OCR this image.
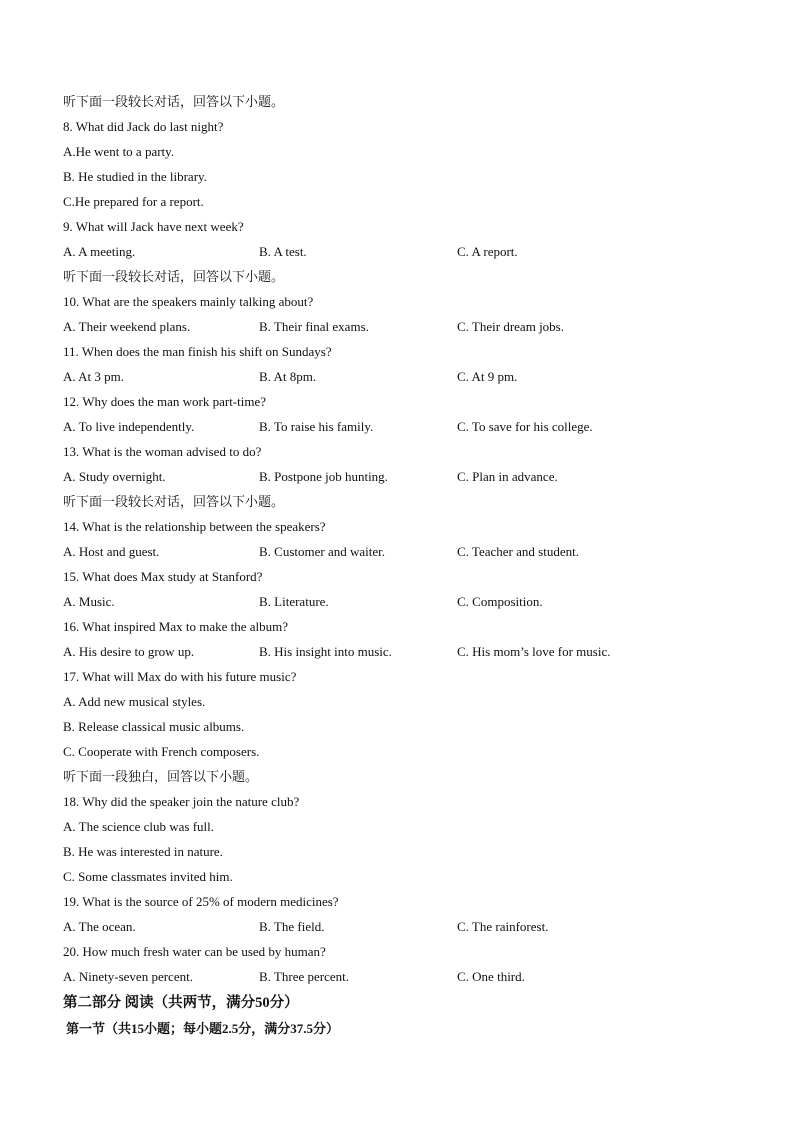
听下面一段较长对话，回答以下小题。
8. What did Jack do last night?
A.He went to a party.
B. He studied in the library.
C.He prepared for a report.
9. What will Jack have next week?
A. A meeting.	B. A test.	C. A report.
听下面一段较长对话，回答以下小题。
10. What are the speakers mainly talking about?
A. Their weekend plans.	B. Their final exams.	C. Their dream jobs.
11. When does the man finish his shift on Sundays?
A. At 3 pm.	B. At 8pm.	C. At 9 pm.
12. Why does the man work part-time?
A. To live independently.	B. To raise his family.	C. To save for his college.
13. What is the woman advised to do?
A. Study overnight.	B. Postpone job hunting.	C. Plan in advance.
听下面一段较长对话，回答以下小题。
14. What is the relationship between the speakers?
A. Host and guest.	B. Customer and waiter.	C. Teacher and student.
15. What does Max study at Stanford?
A. Music.	B. Literature.	C. Composition.
16. What inspired Max to make the album?
A. His desire to grow up.	B. His insight into music.	C. His mom’s love for music.
17. What will Max do with his future music?
A. Add new musical styles.
B. Release classical music albums.
C. Cooperate with French composers.
听下面一段独白，回答以下小题。
18. Why did the speaker join the nature club?
A. The science club was full.
B. He was interested in nature.
C. Some classmates invited him.
19. What is the source of 25% of modern medicines?
A. The ocean.	B. The field.	C. The rainforest.
20. How much fresh water can be used by human?
A. Ninety-seven percent.	B. Three percent.	C. One third.
第二部分 阅读（共两节，满分50分）
第一节（共15小题；每小题2.5分，满分37.5分）
